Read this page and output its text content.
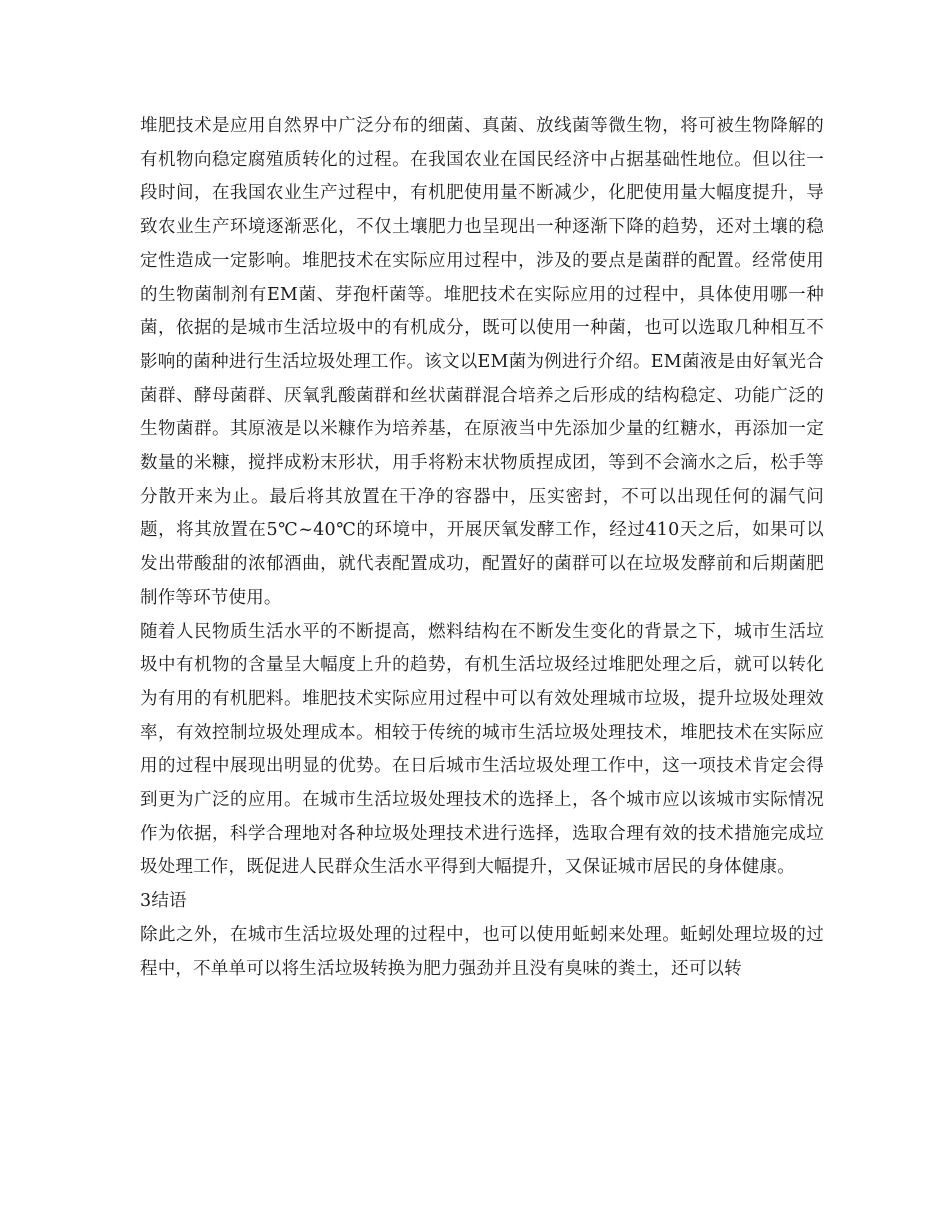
堆肥技术是应用自然界中广泛分布的细菌、真菌、放线菌等微生物，将可被生物降解的有机物向稳定腐殖质转化的过程。在我国农业在国民经济中占据基础性地位。但以往一段时间，在我国农业生产过程中，有机肥使用量不断减少，化肥使用量大幅度提升，导致农业生产环境逐渐恶化，不仅土壤肥力也呈现出一种逐渐下降的趋势，还对土壤的稳定性造成一定影响。堆肥技术在实际应用过程中，涉及的要点是菌群的配置。经常使用的生物菌制剂有EM菌、芽孢杆菌等。堆肥技术在实际应用的过程中，具体使用哪一种菌，依据的是城市生活垃圾中的有机成分，既可以使用一种菌，也可以选取几种相互不影响的菌种进行生活垃圾处理工作。该文以EM菌为例进行介绍。EM菌液是由好氧光合菌群、酵母菌群、厌氧乳酸菌群和丝状菌群混合培养之后形成的结构稳定、功能广泛的生物菌群。其原液是以米糠作为培养基，在原液当中先添加少量的红糖水，再添加一定数量的米糠，搅拌成粉末形状，用手将粉末状物质捏成团，等到不会滴水之后，松手等分散开来为止。最后将其放置在干净的容器中，压实密封，不可以出现任何的漏气问题，将其放置在5℃~40℃的环境中，开展厌氧发酵工作，经过410天之后，如果可以发出带酸甜的浓郁酒曲，就代表配置成功，配置好的菌群可以在垃圾发酵前和后期菌肥制作等环节使用。

随着人民物质生活水平的不断提高，燃料结构在不断发生变化的背景之下，城市生活垃圾中有机物的含量呈大幅度上升的趋势，有机生活垃圾经过堆肥处理之后，就可以转化为有用的有机肥料。堆肥技术实际应用过程中可以有效处理城市垃圾，提升垃圾处理效率，有效控制垃圾处理成本。相较于传统的城市生活垃圾处理技术，堆肥技术在实际应用的过程中展现出明显的优势。在日后城市生活垃圾处理工作中，这一项技术肯定会得到更为广泛的应用。在城市生活垃圾处理技术的选择上，各个城市应以该城市实际情况作为依据，科学合理地对各种垃圾处理技术进行选择，选取合理有效的技术措施完成垃圾处理工作，既促进人民群众生活水平得到大幅提升，又保证城市居民的身体健康。

3结语

除此之外，在城市生活垃圾处理的过程中，也可以使用蚯蚓来处理。蚯蚓处理垃圾的过程中，不单单可以将生活垃圾转换为肥力强劲并且没有臭味的粪土，还可以转
